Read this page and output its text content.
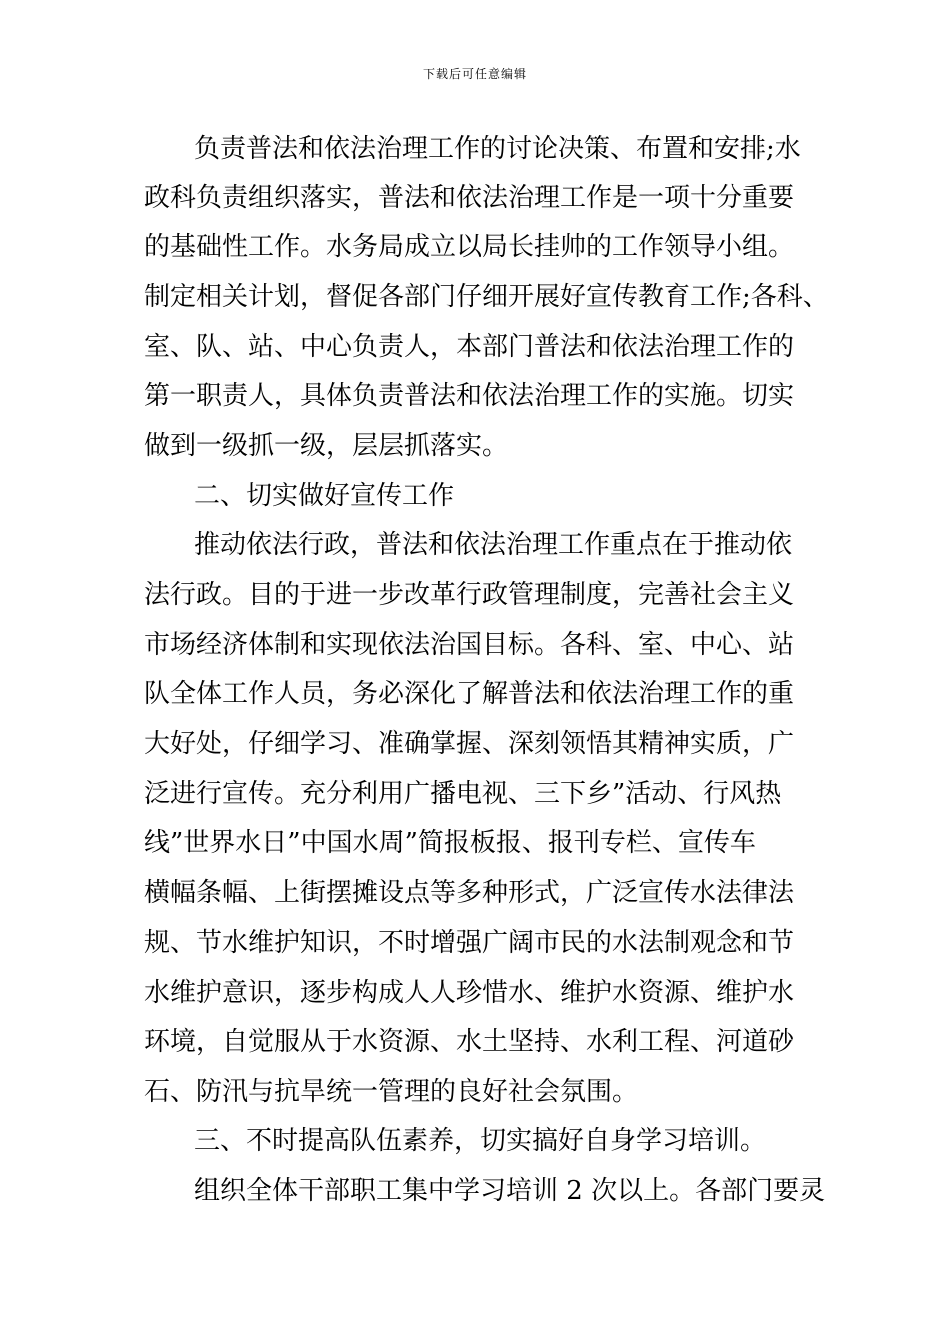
下载后可任意编辑

负责普法和依法治理工作的讨论决策、布置和安排;水

政科负责组织落实，普法和依法治理工作是一项十分重要

的基础性工作。水务局成立以局长挂帅的工作领导小组。

制定相关计划，督促各部门仔细开展好宣传教育工作;各科、

室、队、站、中心负责人，本部门普法和依法治理工作的

第一职责人，具体负责普法和依法治理工作的实施。切实

做到一级抓一级，层层抓落实。

二、切实做好宣传工作

推动依法行政，普法和依法治理工作重点在于推动依

法行政。目的于进一步改革行政管理制度，完善社会主义

市场经济体制和实现依法治国目标。各科、室、中心、站

队全体工作人员，务必深化了解普法和依法治理工作的重

大好处，仔细学习、准确掌握、深刻领悟其精神实质，广

泛进行宣传。充分利用广播电视、三下乡”活动、行风热

线”世界水日”中国水周”简报板报、报刊专栏、宣传车

横幅条幅、上街摆摊设点等多种形式，广泛宣传水法律法

规、节水维护知识，不时增强广阔市民的水法制观念和节

水维护意识，逐步构成人人珍惜水、维护水资源、维护水

环境，自觉服从于水资源、水土坚持、水利工程、河道砂

石、防汛与抗旱统一管理的良好社会氛围。

三、不时提高队伍素养，切实搞好自身学习培训。

组织全体干部职工集中学习培训 2 次以上。各部门要灵
